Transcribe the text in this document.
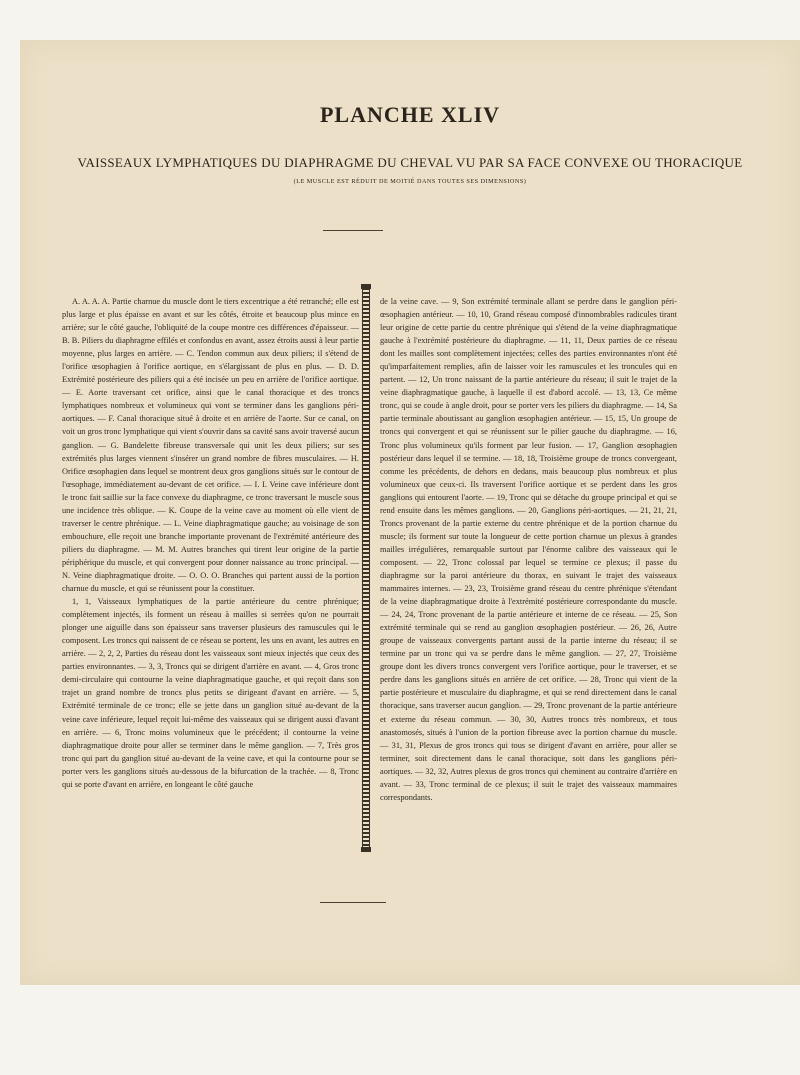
PLANCHE XLIV
VAISSEAUX LYMPHATIQUES DU DIAPHRAGME DU CHEVAL VU PAR SA FACE CONVEXE OU THORACIQUE
(LE MUSCLE EST RÉDUIT DE MOITIÉ DANS TOUTES SES DIMENSIONS)

A. A. A. A. Partie charnue du muscle dont le tiers excentrique a été retranché; elle est plus large et plus épaisse en avant et sur les côtés, étroite et beaucoup plus mince en arrière; sur le côté gauche, l'obliquité de la coupe montre ces différences d'épaisseur. — B. B. Piliers du diaphragme effilés et confondus en avant, assez étroits aussi à leur partie moyenne, plus larges en arrière. — C. Tendon commun aux deux piliers; il s'étend de l'orifice œsophagien à l'orifice aortique, en s'élargissant de plus en plus. — D. D. Extrémité postérieure des piliers qui a été incisée un peu en arrière de l'orifice aortique. — E. Aorte traversant cet orifice, ainsi que le canal thoracique et des troncs lymphatiques nombreux et volumineux qui vont se terminer dans les ganglions péri-aortiques. — F. Canal thoracique situé à droite et en arrière de l'aorte. Sur ce canal, on voit un gros tronc lymphatique qui vient s'ouvrir dans sa cavité sans avoir traversé aucun ganglion. — G. Bandelette fibreuse transversale qui unit les deux piliers; sur ses extrémités plus larges viennent s'insérer un grand nombre de fibres musculaires. — H. Orifice œsophagien dans lequel se montrent deux gros ganglions situés sur le contour de l'œsophage, immédiatement au-devant de cet orifice. — I. I. Veine cave inférieure dont le tronc fait saillie sur la face convexe du diaphragme, ce tronc traversant le muscle sous une incidence très oblique. — K. Coupe de la veine cave au moment où elle vient de traverser le centre phrénique. — L. Veine diaphragmatique gauche; au voisinage de son embouchure, elle reçoit une branche importante provenant de l'extrémité antérieure des piliers du diaphragme. — M. M. Autres branches qui tirent leur origine de la partie périphérique du muscle, et qui convergent pour donner naissance au tronc principal. — N. Veine diaphragmatique droite. — O. O. O. Branches qui partent aussi de la portion charnue du muscle, et qui se réunissent pour la constituer.

1, 1, Vaisseaux lymphatiques de la partie antérieure du centre phrénique; complètement injectés, ils forment un réseau à mailles si serrées qu'on ne pourrait plonger une aiguille dans son épaisseur sans traverser plusieurs des ramuscules qui le composent. Les troncs qui naissent de ce réseau se portent, les uns en avant, les autres en arrière. — 2, 2, 2, Parties du réseau dont les vaisseaux sont mieux injectés que ceux des parties environnantes. — 3, 3, Troncs qui se dirigent d'arrière en avant. — 4, Gros tronc demi-circulaire qui contourne la veine diaphragmatique gauche, et qui reçoit dans son trajet un grand nombre de troncs plus petits se dirigeant d'avant en arrière. — 5, Extrémité terminale de ce tronc; elle se jette dans un ganglion situé au-devant de la veine cave inférieure, lequel reçoit lui-même des vaisseaux qui se dirigent aussi d'avant en arrière. — 6, Tronc moins volumineux que le précédent; il contourne la veine diaphragmatique droite pour aller se terminer dans le même ganglion. — 7, Très gros tronc qui part du ganglion situé au-devant de la veine cave, et qui la contourne pour se porter vers les ganglions situés au-dessous de la bifurcation de la trachée. — 8, Tronc qui se porte d'avant en arrière, en longeant le côté gauche

de la veine cave. — 9, Son extrémité terminale allant se perdre dans le ganglion péri-œsophagien antérieur. — 10, 10, Grand réseau composé d'innombrables radicules tirant leur origine de cette partie du centre phrénique qui s'étend de la veine diaphragmatique gauche à l'extrémité postérieure du diaphragme. — 11, 11, Deux parties de ce réseau dont les mailles sont complètement injectées; celles des parties environnantes n'ont été qu'imparfaitement remplies, afin de laisser voir les ramuscules et les troncules qui en partent. — 12, Un tronc naissant de la partie antérieure du réseau; il suit le trajet de la veine diaphragmatique gauche, à laquelle il est d'abord accolé. — 13, 13, Ce même tronc, qui se coude à angle droit, pour se porter vers les piliers du diaphragme. — 14, Sa partie terminale aboutissant au ganglion œsophagien antérieur. — 15, 15, Un groupe de troncs qui convergent et qui se réunissent sur le pilier gauche du diaphragme. — 16, Tronc plus volumineux qu'ils forment par leur fusion. — 17, Ganglion œsophagien postérieur dans lequel il se termine. — 18, 18, Troisième groupe de troncs convergeant, comme les précédents, de dehors en dedans, mais beaucoup plus nombreux et plus volumineux que ceux-ci. Ils traversent l'orifice aortique et se perdent dans les gros ganglions qui entourent l'aorte. — 19, Tronc qui se détache du groupe principal et qui se rend ensuite dans les mêmes ganglions. — 20, Ganglions péri-aortiques. — 21, 21, 21, Troncs provenant de la partie externe du centre phrénique et de la portion charnue du muscle; ils forment sur toute la longueur de cette portion charnue un plexus à grandes mailles irrégulières, remarquable surtout par l'énorme calibre des vaisseaux qui le composent. — 22, Tronc colossal par lequel se termine ce plexus; il passe du diaphragme sur la paroi antérieure du thorax, en suivant le trajet des vaisseaux mammaires internes. — 23, 23, Troisième grand réseau du centre phrénique s'étendant de la veine diaphragmatique droite à l'extrémité postérieure correspondante du muscle. — 24, 24, Tronc provenant de la partie antérieure et interne de ce réseau. — 25, Son extrémité terminale qui se rend au ganglion œsophagien postérieur. — 26, 26, Autre groupe de vaisseaux convergents partant aussi de la partie interne du réseau; il se termine par un tronc qui va se perdre dans le même ganglion. — 27, 27, Troisième groupe dont les divers troncs convergent vers l'orifice aortique, pour le traverser, et se perdre dans les ganglions situés en arrière de cet orifice. — 28, Tronc qui vient de la partie postérieure et musculaire du diaphragme, et qui se rend directement dans le canal thoracique, sans traverser aucun ganglion. — 29, Tronc provenant de la partie antérieure et externe du réseau commun. — 30, 30, Autres troncs très nombreux, et tous anastomosés, situés à l'union de la portion fibreuse avec la portion charnue du muscle. — 31, 31, Plexus de gros troncs qui tous se dirigent d'avant en arrière, pour aller se terminer, soit directement dans le canal thoracique, soit dans les ganglions péri-aortiques. — 32, 32, Autres plexus de gros troncs qui cheminent au contraire d'arrière en avant. — 33, Tronc terminal de ce plexus; il suit le trajet des vaisseaux mammaires correspondants.
